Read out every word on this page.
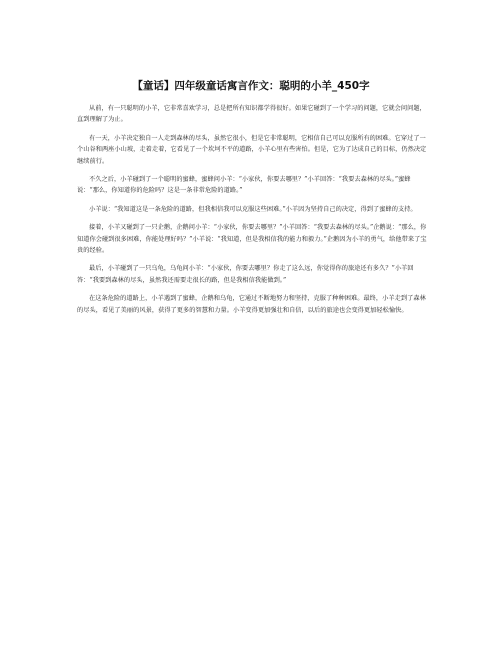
【童话】四年级童话寓言作文：聪明的小羊_450字

从前，有一只聪明的小羊，它非常喜欢学习，总是把所有知识都学得很好。如果它碰到了一个学习的问题，它就会问问题，直到理解了为止。

有一天，小羊决定独自一人走到森林的尽头，虽然它很小，但是它非常聪明，它相信自己可以克服所有的困难。它穿过了一个山谷和两座小山坡，走着走着，它看见了一个坎坷不平的道路，小羊心里有些害怕。但是，它为了达成自己的目标，仍然决定继续前行。

不久之后，小羊碰到了一个聪明的蜜蜂，蜜蜂问小羊：“小家伙，你要去哪里？”小羊回答：“我要去森林的尽头。”蜜蜂说：“那么，你知道你的危险吗？这是一条非常危险的道路。”

小羊说：“我知道这是一条危险的道路，但我相信我可以克服这些困难。”小羊因为坚持自己的决定，得到了蜜蜂的支持。

接着，小羊又碰到了一只企鹅，企鹅问小羊：“小家伙，你要去哪里？”小羊回答：“我要去森林的尽头。”企鹅说：“那么，你知道你会碰到很多困难，你能处理好吗？”小羊说：“我知道，但是我相信我的能力和毅力。”企鹅因为小羊的勇气，给他带来了宝贵的经验。

最后，小羊碰到了一只乌龟，乌龟问小羊：“小家伙，你要去哪里？你走了这么远，你觉得你的旅途还有多久？”小羊回答：“我要到森林的尽头，虽然我还需要走很长的路，但是我相信我能做到。”

在这条危险的道路上，小羊遇到了蜜蜂，企鹅和乌龟，它通过不断地努力和坚持，克服了种种困难。最终，小羊走到了森林的尽头，看见了美丽的风景，获得了更多的智慧和力量。小羊变得更加强壮和自信，以后的旅途也会变得更加轻松愉快。
